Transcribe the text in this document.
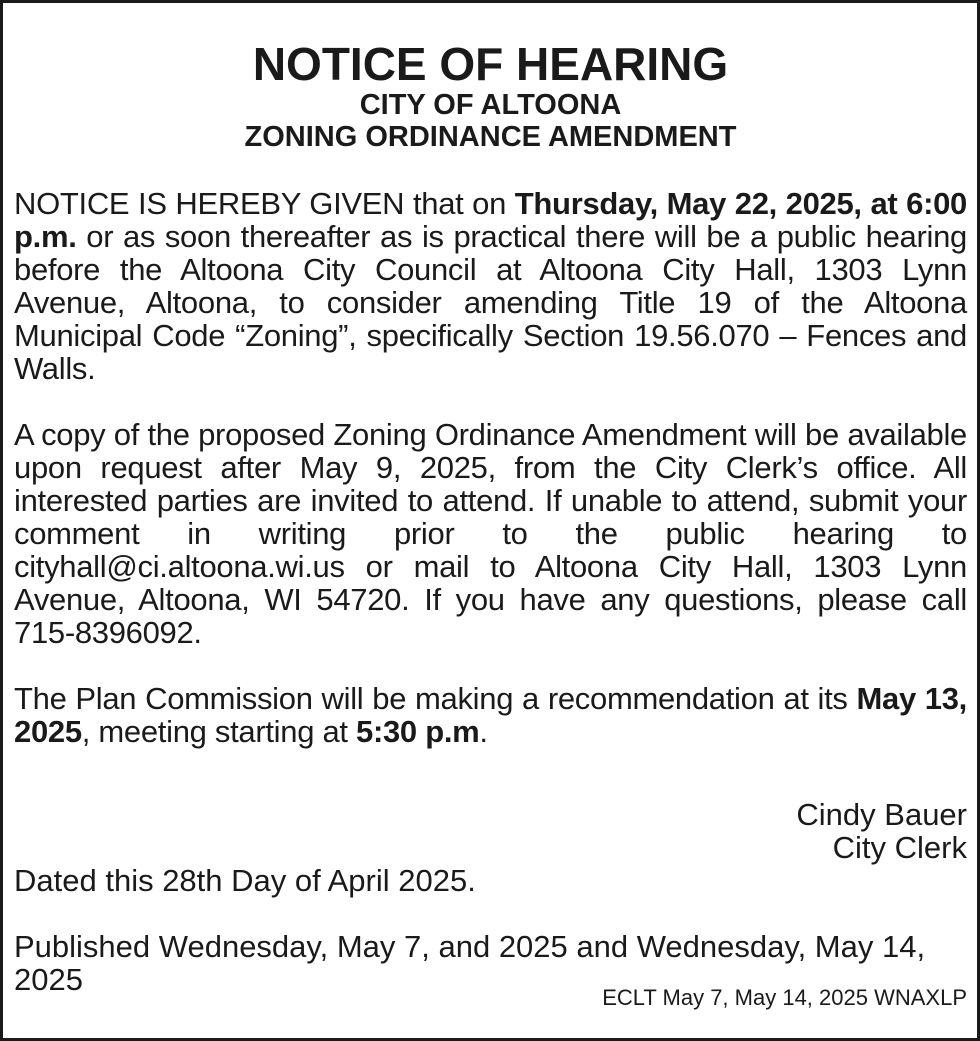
NOTICE OF HEARING
CITY OF ALTOONA
ZONING ORDINANCE AMENDMENT

NOTICE IS HEREBY GIVEN that on Thursday, May 22, 2025, at 6:00 p.m. or as soon thereafter as is practical there will be a public hearing before the Altoona City Council at Altoona City Hall, 1303 Lynn Avenue, Altoona, to consider amending Title 19 of the Altoona Municipal Code “Zoning”, specifically Section 19.56.070 – Fences and Walls.

A copy of the proposed Zoning Ordinance Amendment will be available upon request after May 9, 2025, from the City Clerk’s office. All interested parties are invited to attend. If unable to attend, submit your comment in writing prior to the public hearing to cityhall@ci.altoona.wi.us or mail to Altoona City Hall, 1303 Lynn Avenue, Altoona, WI 54720. If you have any questions, please call 715-8396092.

The Plan Commission will be making a recommendation at its May 13, 2025, meeting starting at 5:30 p.m.

Cindy Bauer
City Clerk
Dated this 28th Day of April 2025.
Published Wednesday, May 7, and 2025 and Wednesday, May 14, 2025
ECLT May 7, May 14, 2025 WNAXLP
